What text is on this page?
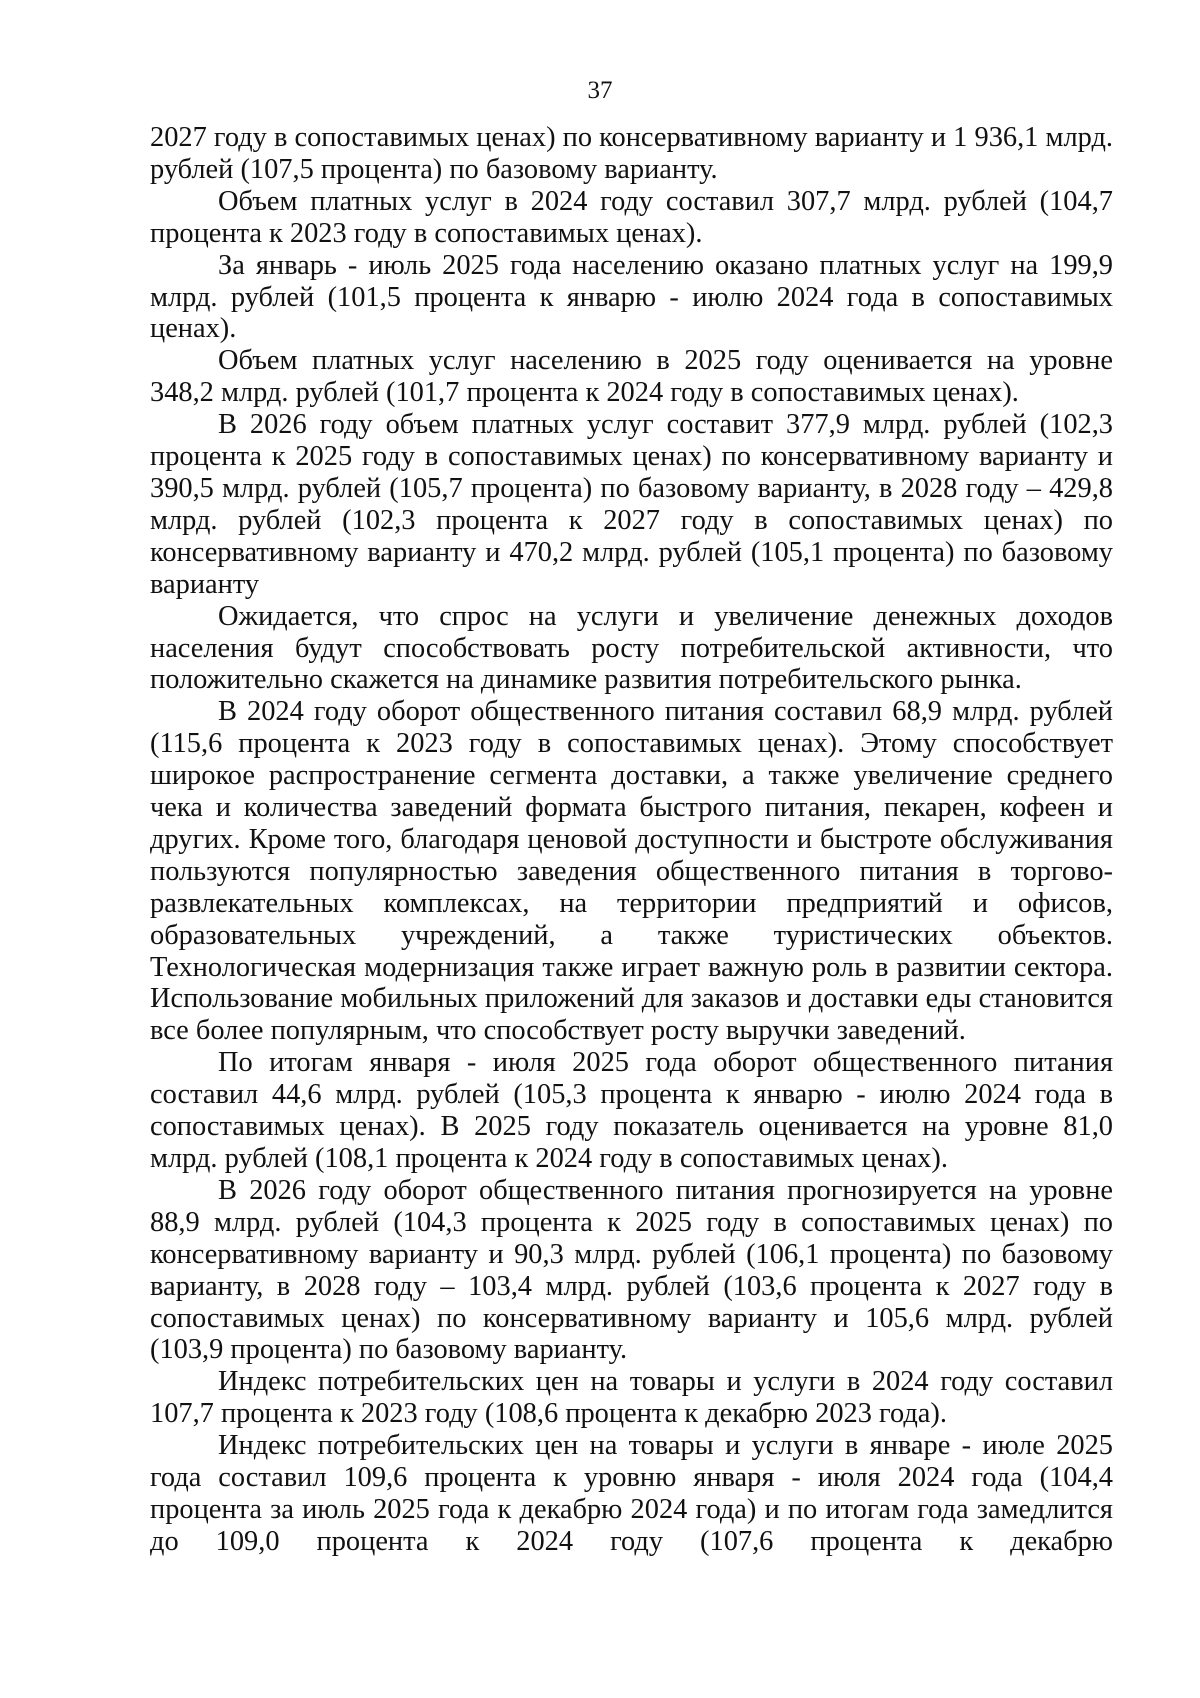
37

2027 году в сопоставимых ценах) по консервативному варианту и 1 936,1 млрд. рублей (107,5 процента) по базовому варианту.

Объем платных услуг в 2024 году составил 307,7 млрд. рублей (104,7 процента к 2023 году в сопоставимых ценах).

За январь - июль 2025 года населению оказано платных услуг на 199,9 млрд. рублей (101,5 процента к январю - июлю 2024 года в сопоставимых ценах).

Объем платных услуг населению в 2025 году оценивается на уровне 348,2 млрд. рублей (101,7 процента к 2024 году в сопоставимых ценах).

В 2026 году объем платных услуг составит 377,9 млрд. рублей (102,3 процента к 2025 году в сопоставимых ценах) по консервативному варианту и 390,5 млрд. рублей (105,7 процента) по базовому варианту, в 2028 году – 429,8 млрд. рублей (102,3 процента к 2027 году в сопоставимых ценах) по консервативному варианту и 470,2 млрд. рублей (105,1 процента) по базовому варианту

Ожидается, что спрос на услуги и увеличение денежных доходов населения будут способствовать росту потребительской активности, что положительно скажется на динамике развития потребительского рынка.

В 2024 году оборот общественного питания составил 68,9 млрд. рублей (115,6 процента к 2023 году в сопоставимых ценах). Этому способствует широкое распространение сегмента доставки, а также увеличение среднего чека и количества заведений формата быстрого питания, пекарен, кофеен и других. Кроме того, благодаря ценовой доступности и быстроте обслуживания пользуются популярностью заведения общественного питания в торгово-развлекательных комплексах, на территории предприятий и офисов, образовательных учреждений, а также туристических объектов. Технологическая модернизация также играет важную роль в развитии сектора. Использование мобильных приложений для заказов и доставки еды становится все более популярным, что способствует росту выручки заведений.

По итогам января - июля 2025 года оборот общественного питания составил 44,6 млрд. рублей (105,3 процента к январю - июлю 2024 года в сопоставимых ценах). В 2025 году показатель оценивается на уровне 81,0 млрд. рублей (108,1 процента к 2024 году в сопоставимых ценах).

В 2026 году оборот общественного питания прогнозируется на уровне 88,9 млрд. рублей (104,3 процента к 2025 году в сопоставимых ценах) по консервативному варианту и 90,3 млрд. рублей (106,1 процента) по базовому варианту, в 2028 году – 103,4 млрд. рублей (103,6 процента к 2027 году в сопоставимых ценах) по консервативному варианту и 105,6 млрд. рублей (103,9 процента) по базовому варианту.

Индекс потребительских цен на товары и услуги в 2024 году составил 107,7 процента к 2023 году (108,6 процента к декабрю 2023 года).

Индекс потребительских цен на товары и услуги в январе - июле 2025 года составил 109,6 процента к уровню января - июля 2024 года (104,4 процента за июль 2025 года к декабрю 2024 года) и по итогам года замедлится до 109,0 процента к 2024 году (107,6 процента к декабрю
